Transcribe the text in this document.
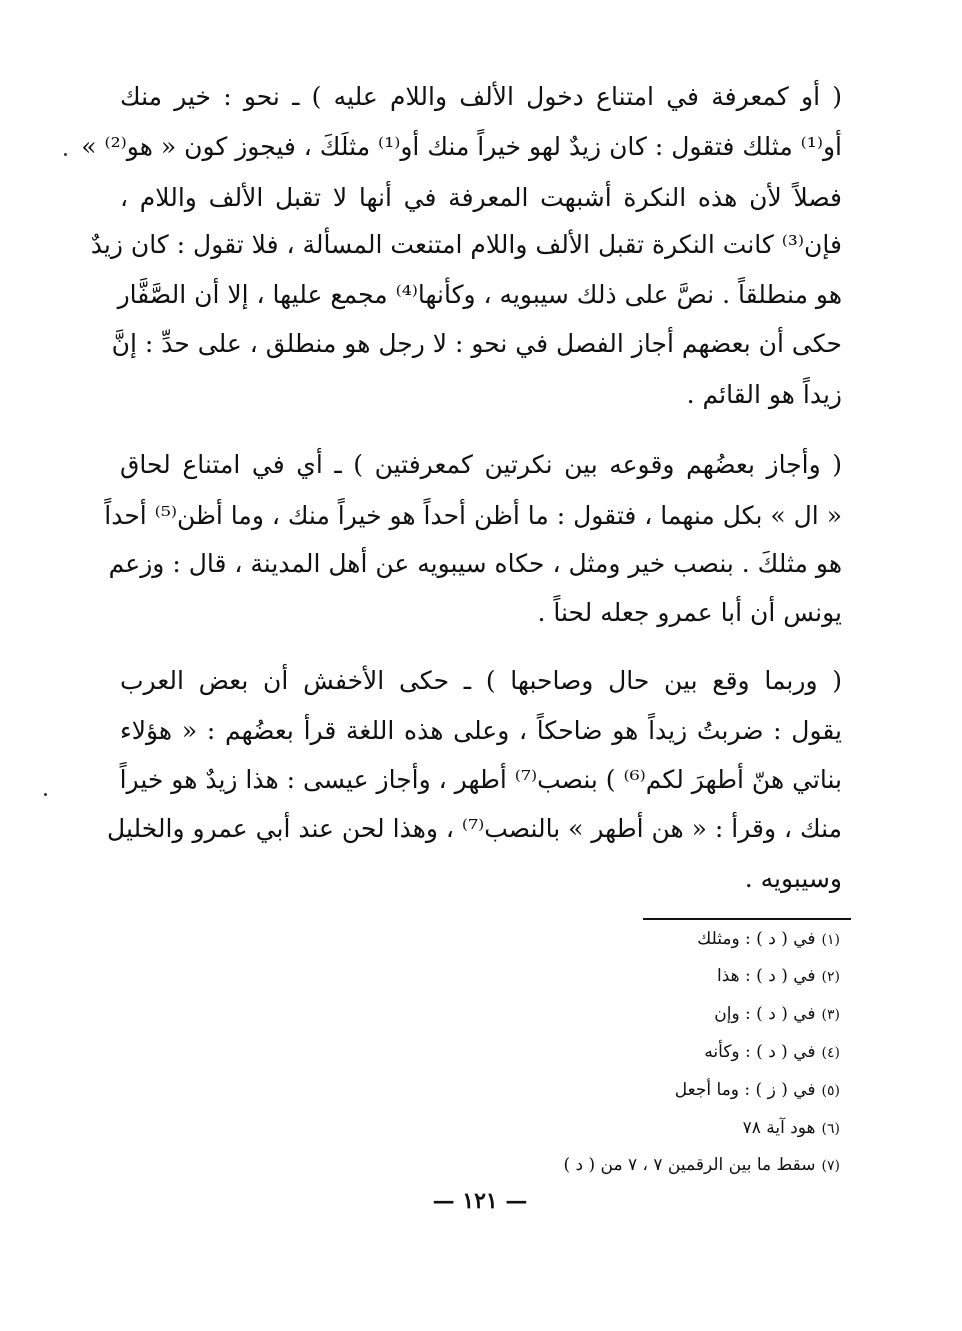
( أو كمعرفة في امتناع دخول الألف واللام عليه ) ـ نحو : خير منك
أو⁽¹⁾ مثلك فتقول : كان زيدٌ لهو خيراً منك أو⁽¹⁾ مثلَكَ ، فيجوز كون « هو⁽²⁾ »
فصلاً لأن هذه النكرة أشبهت المعرفة في أنها لا تقبل الألف واللام ،
فإن⁽³⁾ كانت النكرة تقبل الألف واللام امتنعت المسألة ، فلا تقول : كان زيدٌ
هو منطلقاً . نصَّ على ذلك سيبويه ، وكأنها⁽⁴⁾ مجمع عليها ، إلا أن الصَّفَّار
حكى أن بعضهم أجاز الفصل في نحو : لا رجل هو منطلق ، على حدِّ : إنَّ
زيداً هو القائم .
( وأجاز بعضُهم وقوعه بين نكرتين كمعرفتين ) ـ أي في امتناع لحاق
« ال » بكل منهما ، فتقول : ما أظن أحداً هو خيراً منك ، وما أظن⁽⁵⁾ أحداً
هو مثلكَ . بنصب خير ومثل ، حكاه سيبويه عن أهل المدينة ، قال : وزعم
يونس أن أبا عمرو جعله لحناً .
( وربما وقع بين حال وصاحبها ) ـ حكى الأخفش أن بعض العرب
يقول : ضربتُ زيداً هو ضاحكاً ، وعلى هذه اللغة قرأ بعضُهم : « هؤلاء
بناتي هنّ أطهرَ لكم⁽⁶⁾ ) بنصب⁽⁷⁾ أطهر ، وأجاز عيسى : هذا زيدٌ هو خيراً
منك ، وقرأ : « هن أطهر » بالنصب⁽⁷⁾ ، وهذا لحن عند أبي عمرو والخليل
وسيبويه .
(١)في ( د ) : ومثلك
(٢)في ( د ) : هذا
(٣)في ( د ) : وإن
(٤)في ( د ) : وكأنه
(٥)في ( ز ) : وما أجعل
(٦)هود آية ٧٨
(٧)سقط ما بين الرقمين ٧ ، ٧ من ( د )
— ١٢١ —
